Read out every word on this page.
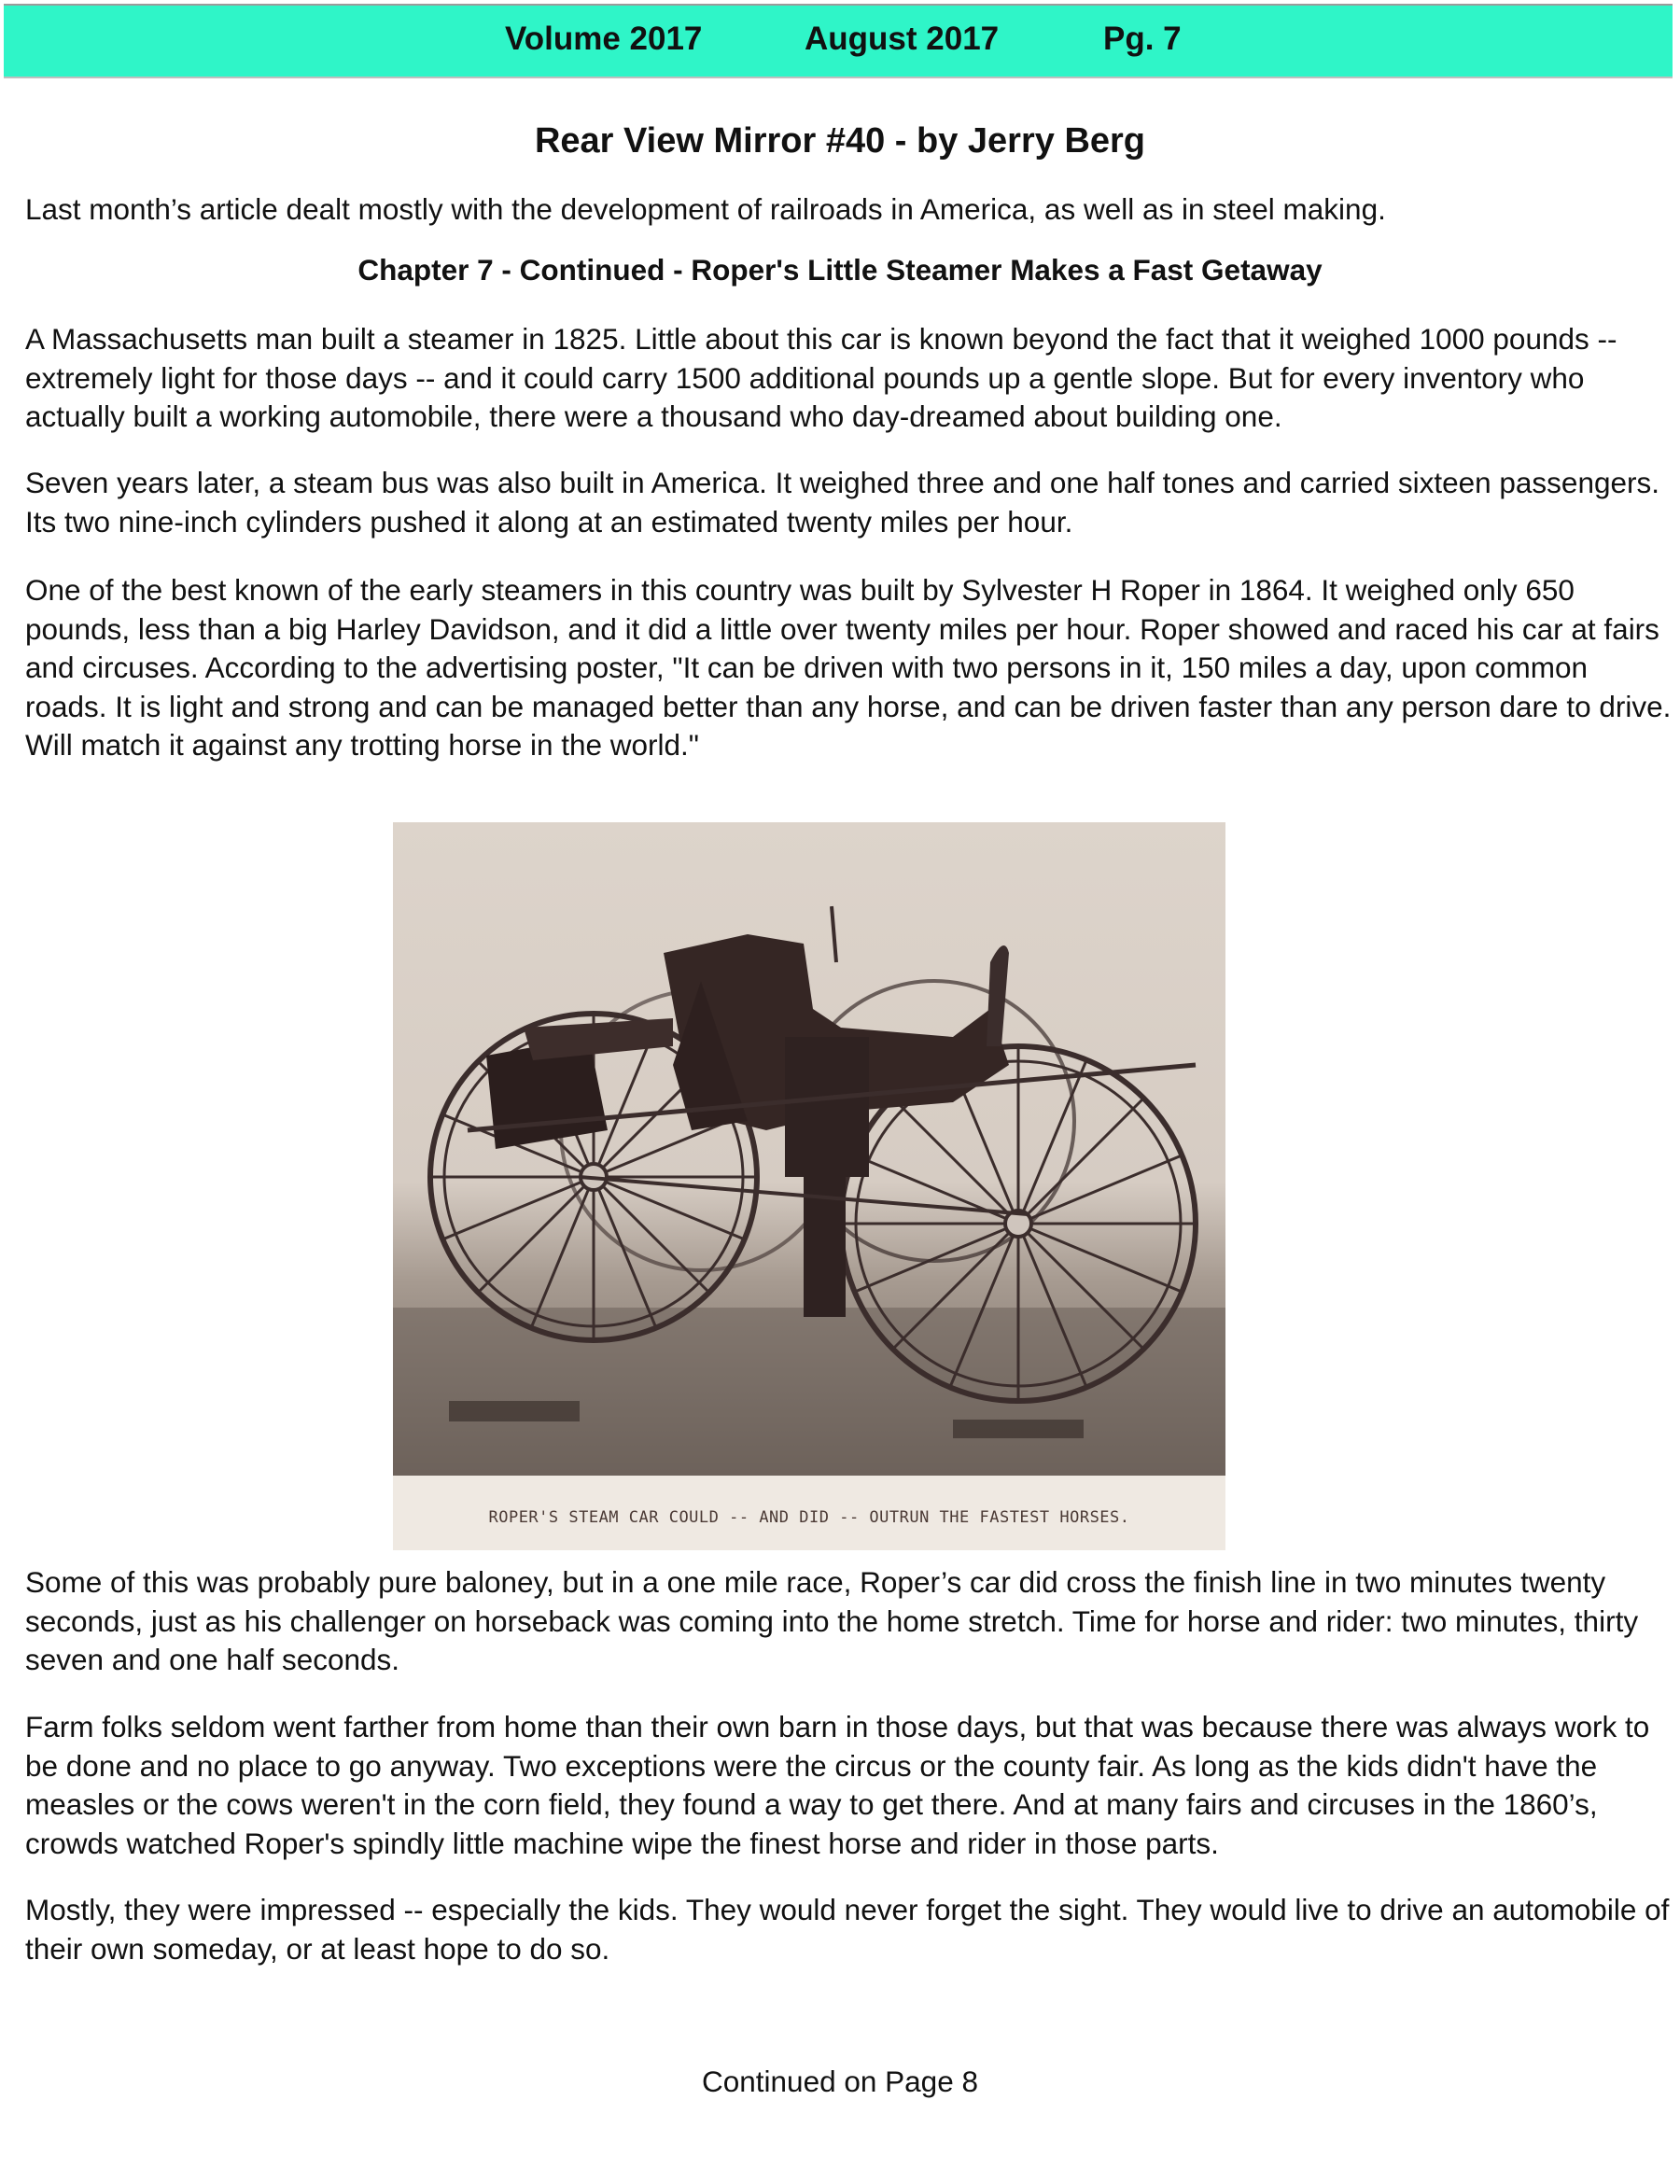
Volume 2017	August 2017	Pg. 7
Rear View Mirror #40 - by Jerry Berg

Last month’s article dealt mostly with the development of railroads in America, as well as in steel making.

Chapter 7 - Continued - Roper's Little Steamer Makes a Fast Getaway

A Massachusetts man built a steamer in 1825. Little about this car is known beyond the fact that it weighed 1000 pounds -- extremely light for those days -- and it could carry 1500 additional pounds up a gentle slope. But for every inventory who actually built a working automobile, there were a thousand who day-dreamed about building one.

Seven years later, a steam bus was also built in America. It weighed three and one half tones and carried sixteen passengers. Its two nine-inch cylinders pushed it along at an estimated twenty miles per hour.

One of the best known of the early steamers in this country was built by Sylvester H Roper in 1864. It weighed only 650 pounds, less than a big Harley Davidson, and it did a little over twenty miles per hour. Roper showed and raced his car at fairs and circuses. According to the advertising poster, "It can be driven with two persons in it, 150 miles a day, upon common roads. It is light and strong and can be managed better than any horse, and can be driven faster than any person dare to drive. Will match it against any trotting horse in the world."

ROPER'S STEAM CAR COULD -- AND DID -- OUTRUN THE FASTEST HORSES.

Some of this was probably pure baloney, but in a one mile race, Roper’s car did cross the finish line in two minutes twenty seconds, just as his challenger on horseback was coming into the home stretch. Time for horse and rider: two minutes, thirty seven and one half seconds.

Farm folks seldom went farther from home than their own barn in those days, but that was because there was always work to be done and no place to go anyway. Two exceptions were the circus or the county fair. As long as the kids didn't have the measles or the cows weren't in the corn field, they found a way to get there. And at many fairs and circuses in the 1860’s, crowds watched Roper's spindly little machine wipe the finest horse and rider in those parts.

Mostly, they were impressed -- especially the kids. They would never forget the sight. They would live to drive an automobile of their own someday, or at least hope to do so.

Continued on Page 8
